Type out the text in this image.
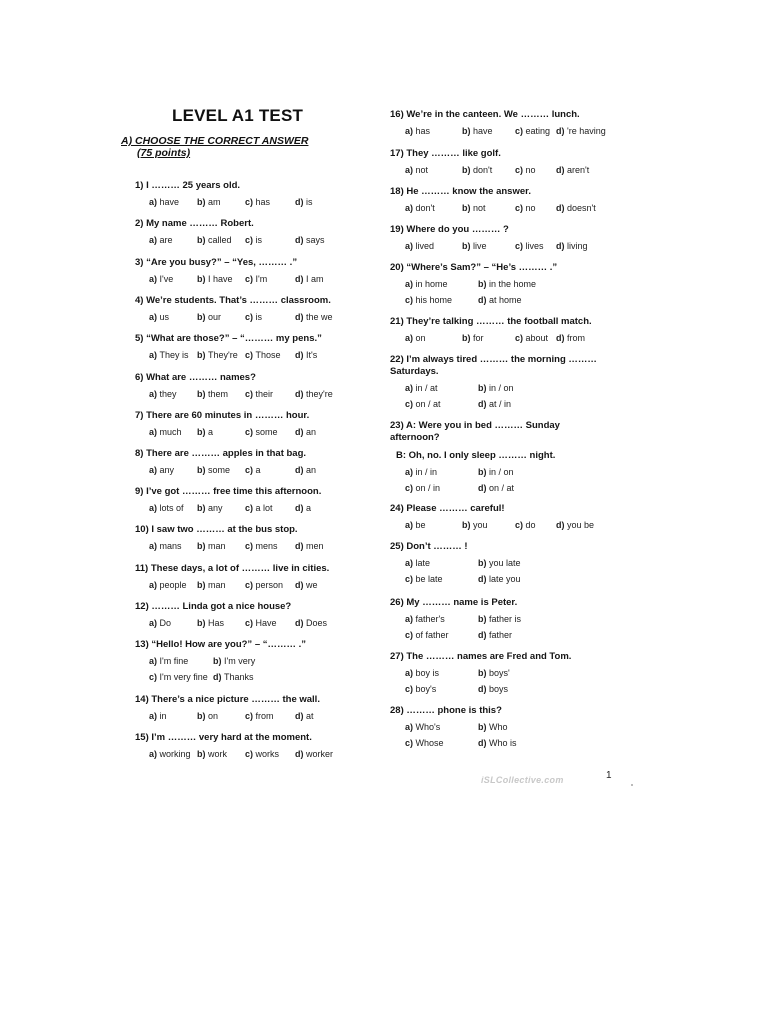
LEVEL A1 TEST
A) CHOOSE THE CORRECT ANSWER
(75 points)
1) I ……… 25 years old.
a) have b) am	c) has	d) is
2) My name ……… Robert.
a) are	b) called c) is	d) says
3) “Are you busy?” – “Yes, ……… .”
a) I've	b) I have c) I'm	d) I am
4) We’re students. That’s ……… classroom.
a) us	b) our	c) is	d) the we
5) “What are those?” – “……… my pens.”
a) They is b) They're c) Those d) It's
6) What are ……… names?
a) they b) them c) their d) they're
7) There are 60 minutes in ……… hour.
a) much b) a	c) some d) an
8) There are ……… apples in that bag.
a) any	b) some c) a	d) an
9) I’ve got ……… free time this afternoon.
a) lots of b) any c) a lot d) a
10) I saw two ……… at the bus stop.
a) mans b) man c) mens d) men
11) These days, a lot of ……… live in cities.
a) people b) man c) person d) we
12) ……… Linda got a nice house?
a) Do	b) Has c) Have d) Does
13) “Hello! How are you?” – “……… .”
a) I'm fine	b) I'm very
c) I'm very fine d) Thanks
14) There’s a nice picture ……… the wall.
a) in	b) on	c) from d) at
15) I’m ……… very hard at the moment.
a) working b) work c) works d) worker
16) We’re in the canteen. We ……… lunch.
a) has	b) have c) eating d) 're having
17) They ……… like golf.
a) not	b) don't	c) no d) aren't
18) He ……… know the answer.
a) don't	b) not	c) no d) doesn't
19) Where do you ……… ?
a) lived	b) live	c) lives d) living
20) “Where’s Sam?” – “He’s ……… .”
a) in home	b) in the home
c) his home	d) at home
21) They’re talking ……… the football match.
a) on	b) for	c) about d) from
22) I’m always tired ……… the morning ……… Saturdays.
a) in / at	b) in / on
c) on / at	d) at / in
23) A: Were you in bed ……… Sunday afternoon?
B: Oh, no. I only sleep ……… night.
a) in / in	b) in / on
c) on / in	d) on / at
24) Please ……… careful!
a) be	b) you	c) do d) you be
25) Don’t ……… !
a) late	b) you late
c) be late	d) late you
26) My ……… name is Peter.
a) father's	b) father is
c) of father	d) father
27) The ……… names are Fred and Tom.
a) boy is	b) boys'
c) boy's	d) boys
28) ……… phone is this?
a) Who's	b) Who
c) Whose	d) Who is
iSLCollective.com	1
